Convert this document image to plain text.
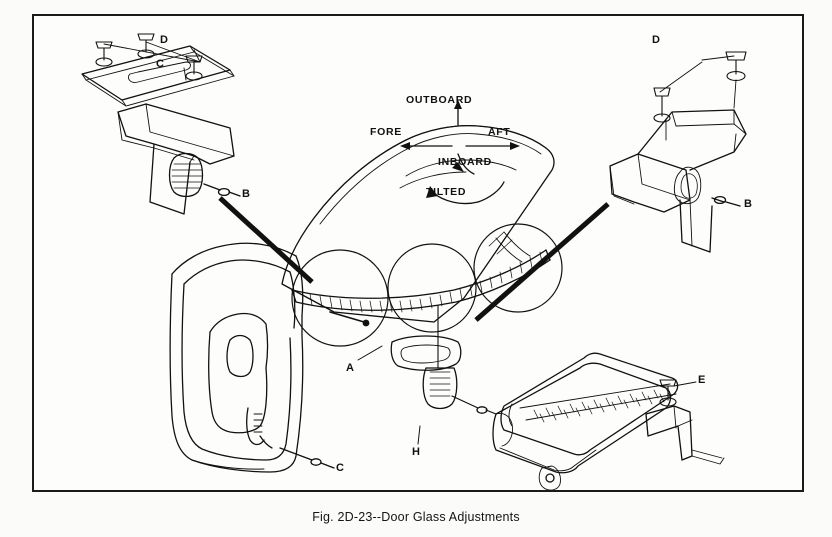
OUTBOARD
FORE	AFT
INBOARD
TILTED
D
C
B
D
B
A
H
C
E
Fig. 2D-23--Door Glass Adjustments
